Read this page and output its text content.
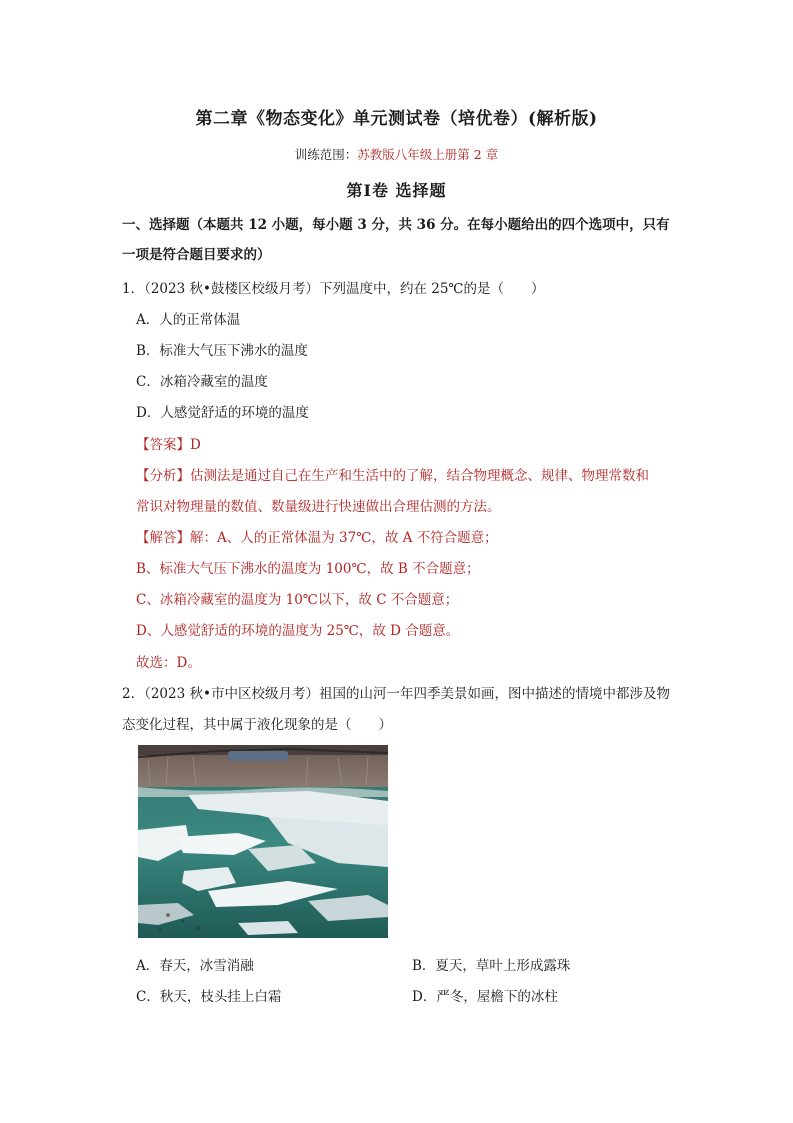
第二章《物态变化》单元测试卷（培优卷）(解析版)
训练范围：苏教版八年级上册第 2 章
第Ⅰ卷 选择题
一、选择题（本题共 12 小题，每小题 3 分，共 36 分。在每小题给出的四个选项中，只有
一项是符合题目要求的）
1．（2023 秋•鼓楼区校级月考）下列温度中，约在 25℃的是（　　）
A．人的正常体温
B．标准大气压下沸水的温度
C．冰箱冷藏室的温度
D．人感觉舒适的环境的温度
【答案】D
【分析】估测法是通过自己在生产和生活中的了解，结合物理概念、规律、物理常数和
常识对物理量的数值、数量级进行快速做出合理估测的方法。
【解答】解：A、人的正常体温为 37℃，故 A 不符合题意；
B、标准大气压下沸水的温度为 100℃，故 B 不合题意；
C、冰箱冷藏室的温度为 10℃以下，故 C 不合题意；
D、人感觉舒适的环境的温度为 25℃，故 D 合题意。
故选：D。
2．（2023 秋•市中区校级月考）祖国的山河一年四季美景如画，图中描述的情境中都涉及物
态变化过程，其中属于液化现象的是（　　）
A．春天，冰雪消融	B．夏天，草叶上形成露珠
C．秋天，枝头挂上白霜	D．严冬，屋檐下的冰柱
